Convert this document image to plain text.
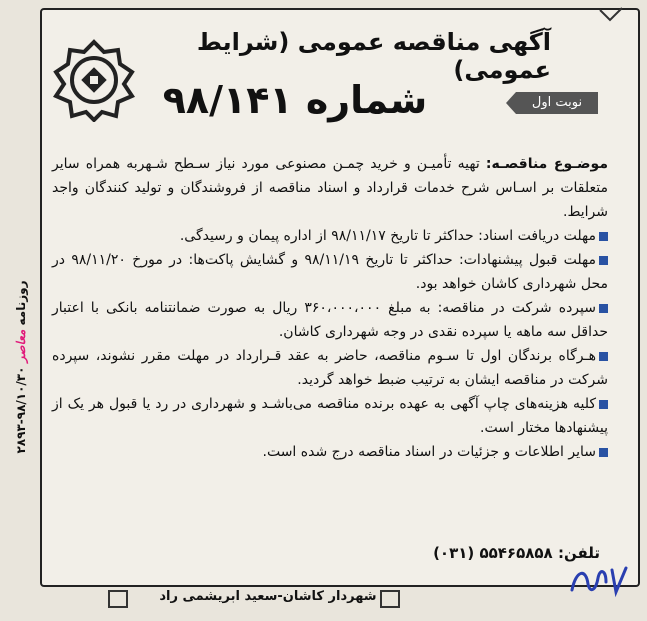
روزنامه معاصر ۹۸/۱۰/۳۰-۲۸۹۳
آگهی مناقصه عمومی (شرایط عمومی)
شماره ۹۸/۱۴۱	نوبت اول

موضـوع مناقصـه: تهیه تأمیـن و خرید چمـن مصنوعی مورد نیاز سـطح شـهربه همراه سایر متعلقات بر اسـاس شرح خدمات قرارداد و اسناد مناقصه از فروشندگان و تولید کنندگان واجد شرایط.

مهلت دریافت اسناد: حداکثر تا تاریخ ۹۸/۱۱/۱۷ از اداره پیمان و رسیدگی.

مهلت قبول پیشنهادات: حداکثر تا تاریخ ۹۸/۱۱/۱۹ و گشایش پاکت‌ها: در مورخ ۹۸/۱۱/۲۰ در محل شهرداری کاشان خواهد بود.

سپرده شرکت در مناقصه: به مبلغ ۳۶۰،۰۰۰،۰۰۰ ریال به صورت ضمانتنامه بانکی با اعتبار حداقل سه ماهه یا سپرده نقدی در وجه شهرداری کاشان.

هـرگاه برندگان اول تا سـوم مناقصه، حاضر به عقد قـرارداد در مهلت مقرر نشوند، سپرده شرکت در مناقصه ایشان به ترتیب ضبط خواهد گردید.

کلیه هزینه‌های چاپ آگهی به عهده برنده مناقصه می‌باشـد و شهرداری در رد یا قبول هر یک از پیشنهادها مختار است.

سایر اطلاعات و جزئیات در اسناد مناقصه درج شده است.

تلفن: ۵۵۴۶۵۸۵۸ (۰۳۱)
شهردار کاشان-سعید ابریشمی راد
